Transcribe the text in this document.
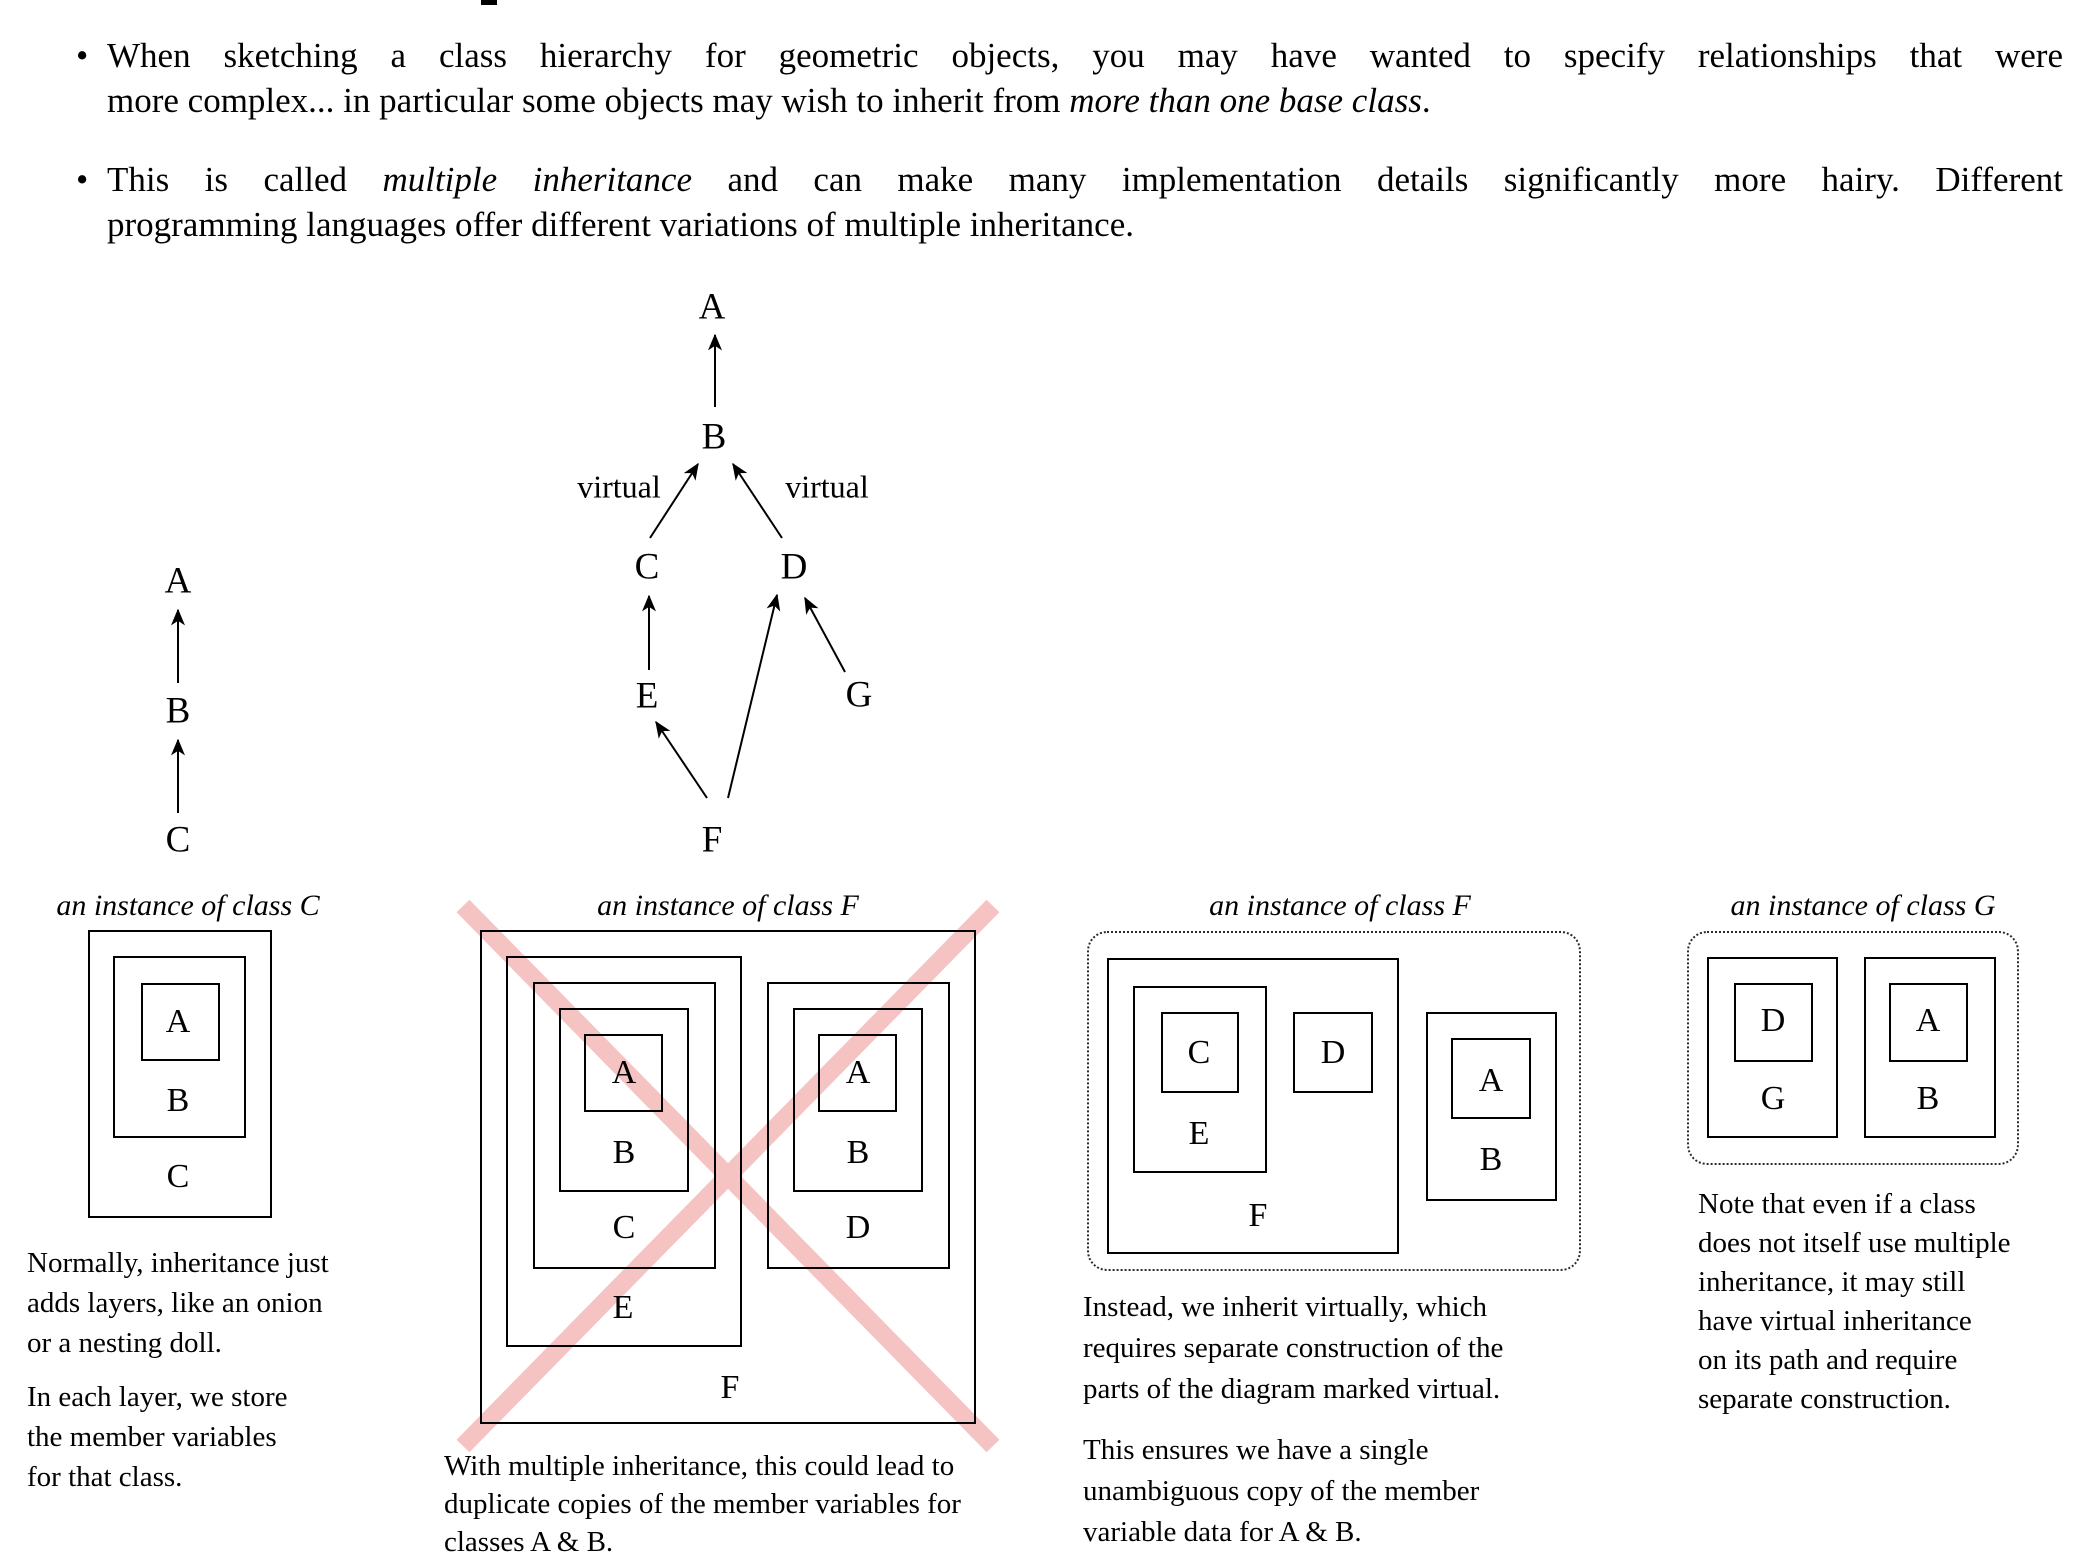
• When sketching a class hierarchy for geometric objects, you may have wanted to specify relationships that were
more complex... in particular some objects may wish to inherit from more than one base class.
• This is called multiple inheritance and can make many implementation details significantly more hairy. Different
programming languages offer different variations of multiple inheritance.
A
B
C
A
B
virtual	virtual
C	D
E	G
F
an instance of class C
A
B
C
Normally, inheritance just
adds layers, like an onion
or a nesting doll.
In each layer, we store
the member variables
for that class.
an instance of class F
A
B
C
E
A
B
D
F
With multiple inheritance, this could lead to
duplicate copies of the member variables for
classes A & B.
an instance of class F
C	D
E
A
B
F
Instead, we inherit virtually, which
requires separate construction of the
parts of the diagram marked virtual.
This ensures we have a single
unambiguous copy of the member
variable data for A & B.
an instance of class G
D
G
A
B
Note that even if a class
does not itself use multiple
inheritance, it may still
have virtual inheritance
on its path and require
separate construction.
